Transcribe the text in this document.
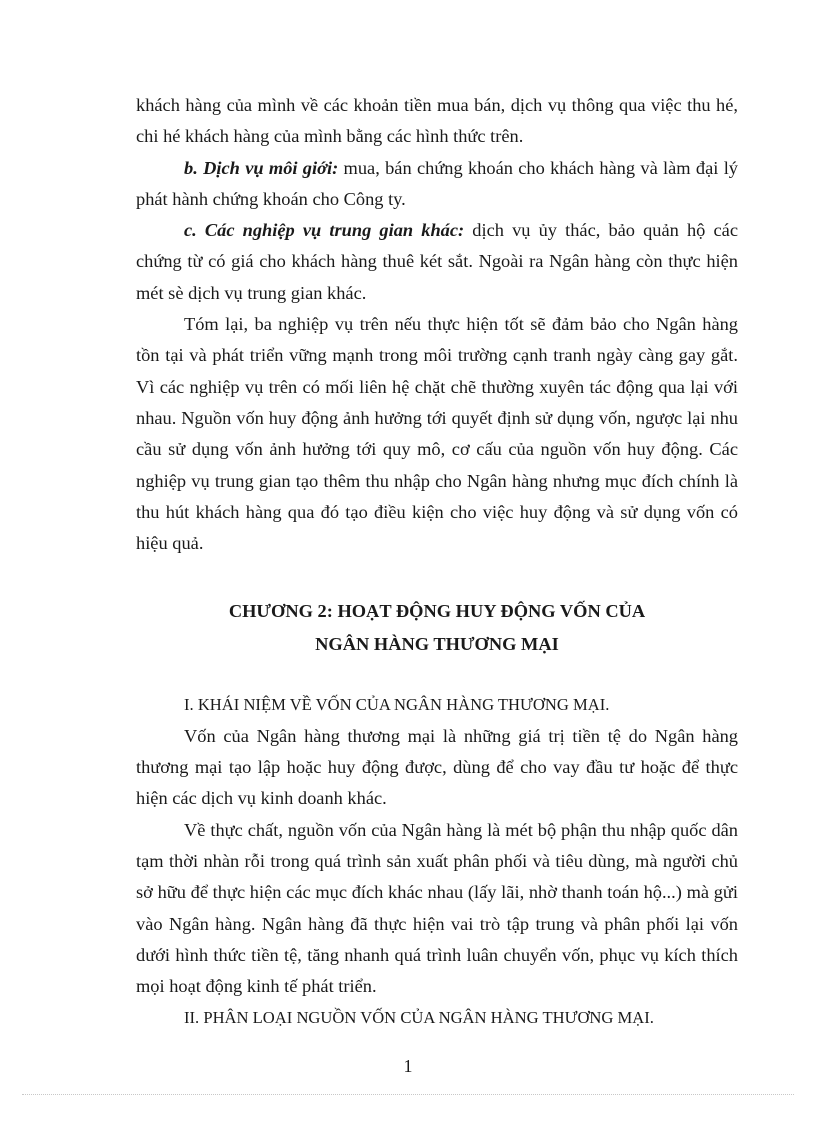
khách hàng của mình về các khoản tiền mua bán, dịch vụ thông qua việc thu hé, chi hé khách hàng của mình bằng các hình thức trên.

b. Dịch vụ môi giới: mua, bán chứng khoán cho khách hàng và làm đại lý phát hành chứng khoán cho Công ty.

c. Các nghiệp vụ trung gian khác: dịch vụ ủy thác, bảo quản hộ các chứng từ có giá cho khách hàng thuê két sắt. Ngoài ra Ngân hàng còn thực hiện mét sè dịch vụ trung gian khác.

Tóm lại, ba nghiệp vụ trên nếu thực hiện tốt sẽ đảm bảo cho Ngân hàng tồn tại và phát triển vững mạnh trong môi trường cạnh tranh ngày càng gay gắt. Vì các nghiệp vụ trên có mối liên hệ chặt chẽ thường xuyên tác động qua lại với nhau. Nguồn vốn huy động ảnh hưởng tới quyết định sử dụng vốn, ngược lại nhu cầu sử dụng vốn ảnh hưởng tới quy mô, cơ cấu của nguồn vốn huy động. Các nghiệp vụ trung gian tạo thêm thu nhập cho Ngân hàng nhưng mục đích chính là thu hút khách hàng qua đó tạo điều kiện cho việc huy động và sử dụng vốn có hiệu quả.

CHƯƠNG 2: HOẠT ĐỘNG HUY ĐỘNG VỐN CỦA
NGÂN HÀNG THƯƠNG MẠI

I. KHÁI NIỆM VỀ VỐN CỦA NGÂN HÀNG THƯƠNG MẠI.

Vốn của Ngân hàng thương mại là những giá trị tiền tệ do Ngân hàng thương mại tạo lập hoặc huy động được, dùng để cho vay đầu tư hoặc để thực hiện các dịch vụ kinh doanh khác.

Về thực chất, nguồn vốn của Ngân hàng là mét bộ phận thu nhập quốc dân tạm thời nhàn rỗi trong quá trình sản xuất phân phối và tiêu dùng, mà người chủ sở hữu để thực hiện các mục đích khác nhau (lấy lãi, nhờ thanh toán hộ...) mà gửi vào Ngân hàng. Ngân hàng đã thực hiện vai trò tập trung và phân phối lại vốn dưới hình thức tiền tệ, tăng nhanh quá trình luân chuyển vốn, phục vụ kích thích mọi hoạt động kinh tế phát triển.

II. PHÂN LOẠI NGUỒN VỐN CỦA NGÂN HÀNG THƯƠNG MẠI.

1
